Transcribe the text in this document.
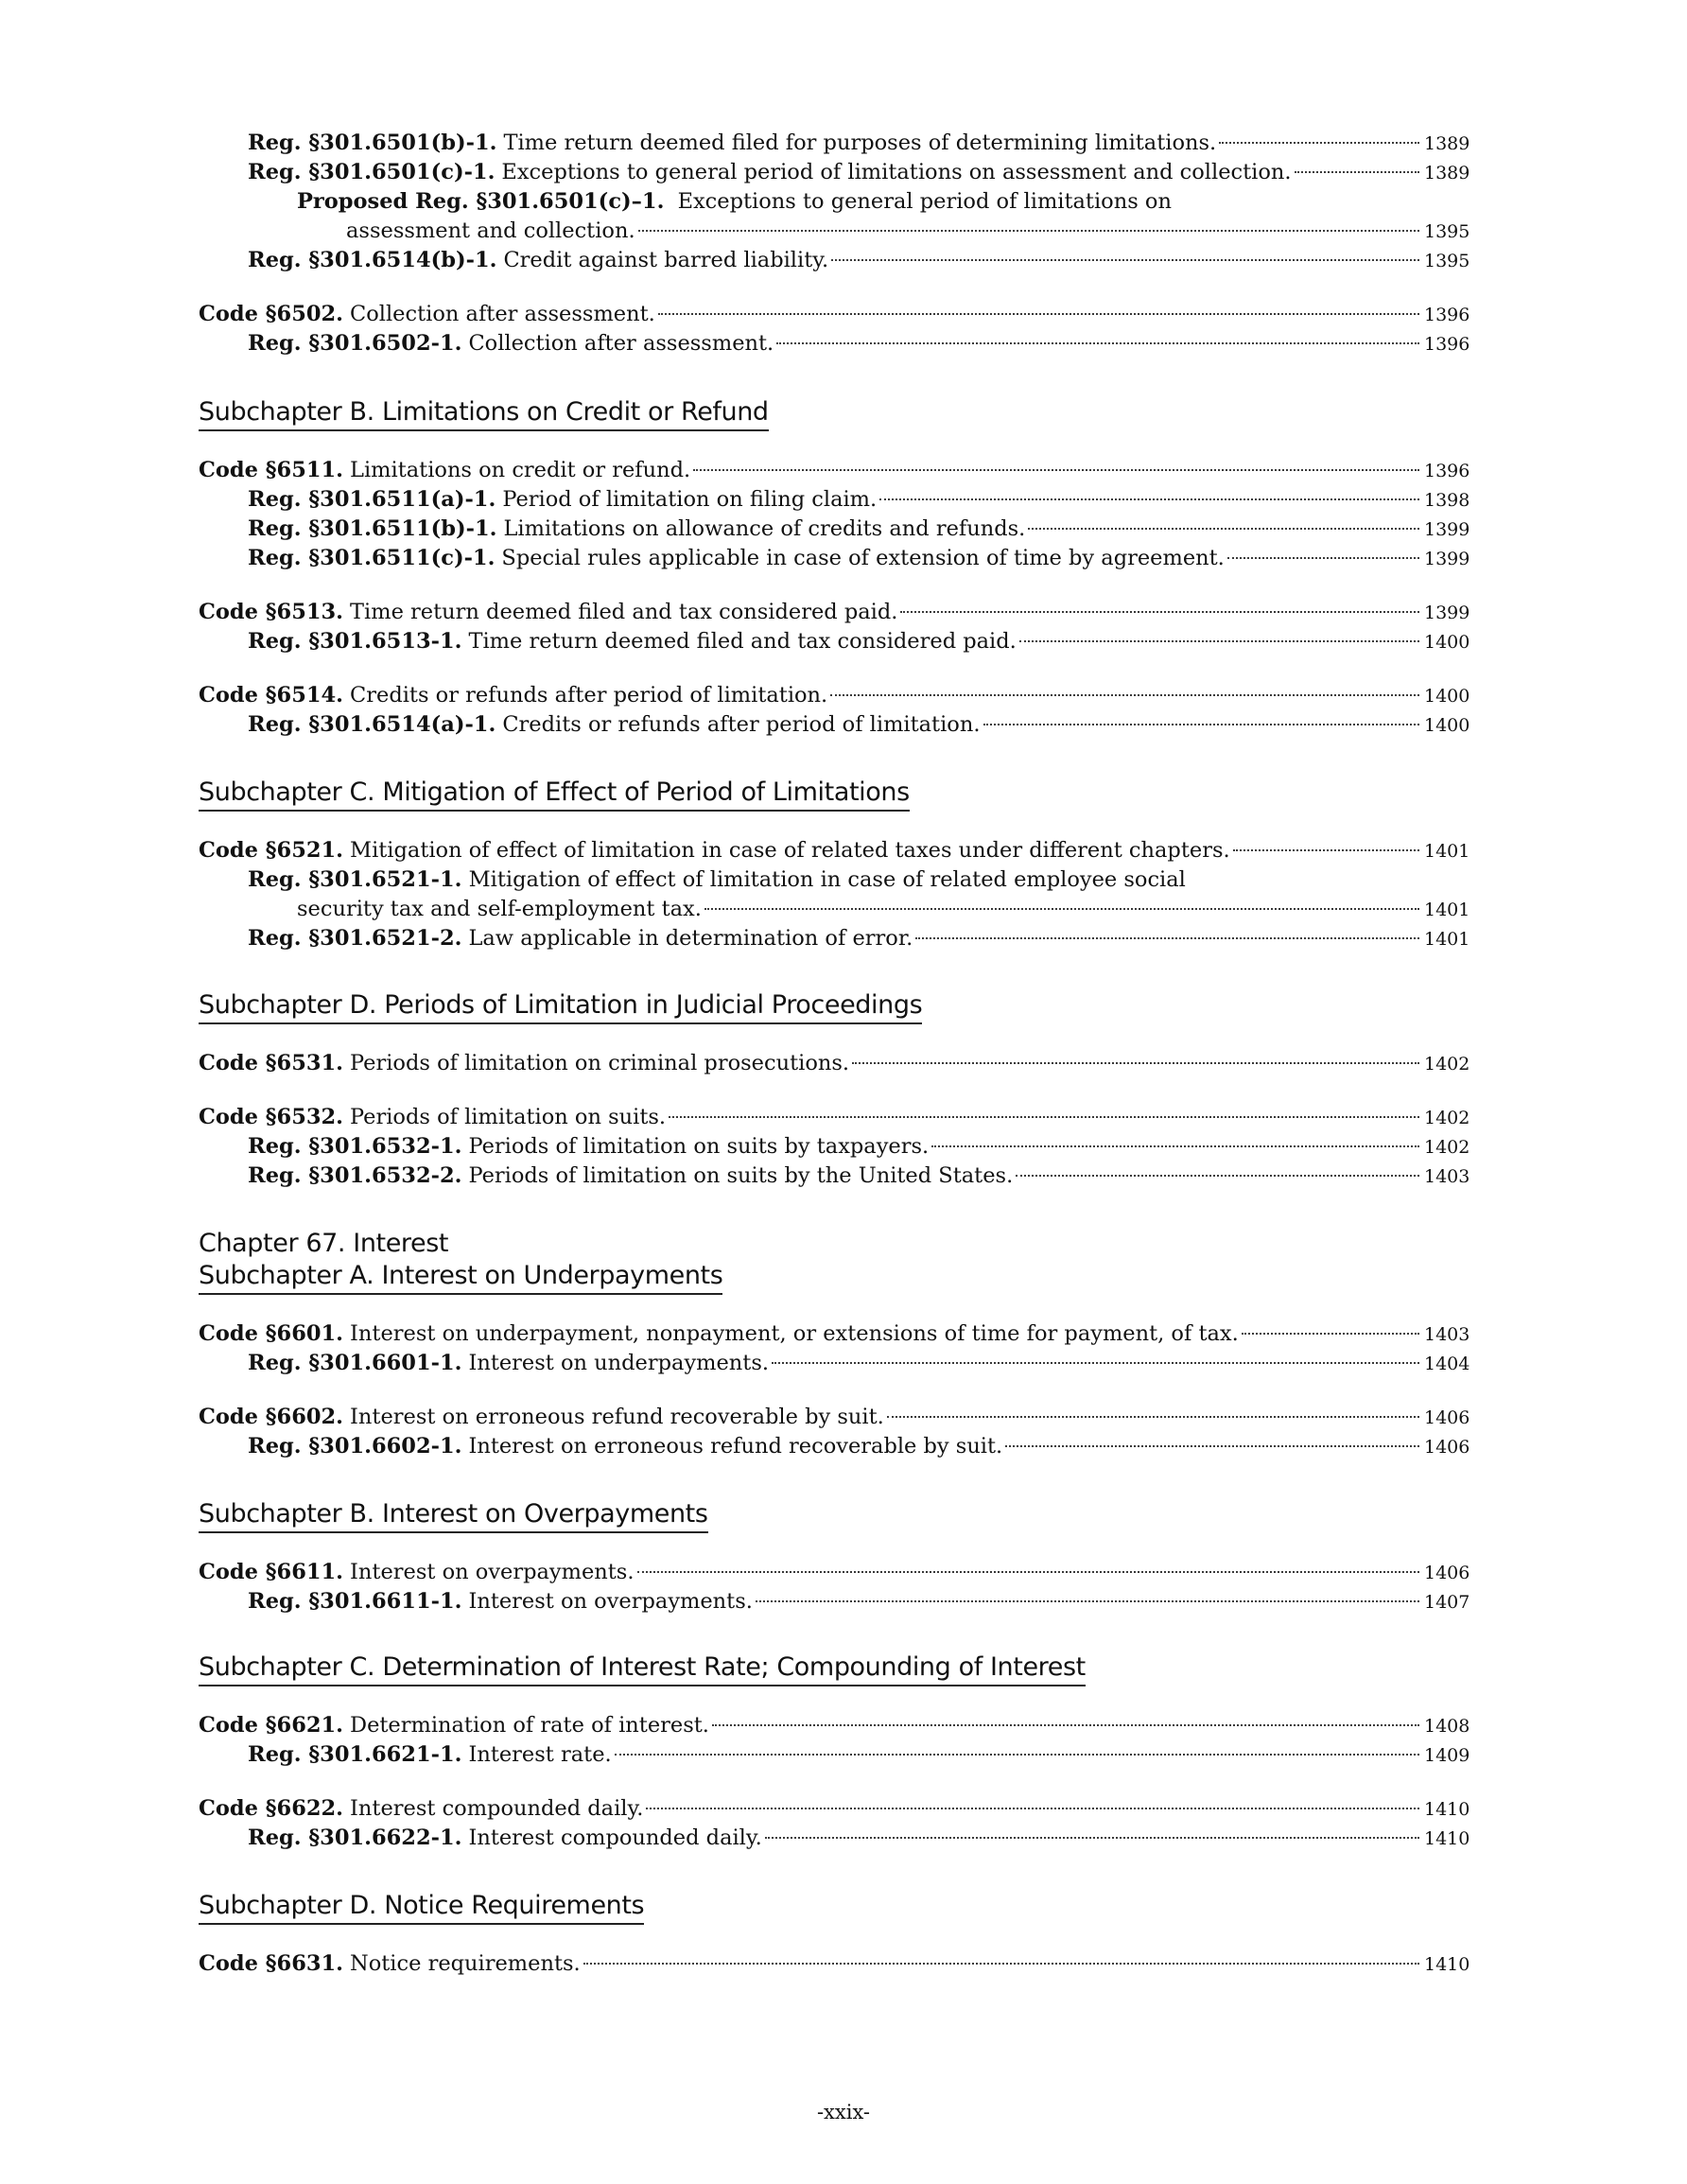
Reg. §301.6501(b)-1. Time return deemed filed for purposes of determining limitations.	1389
Reg. §301.6501(c)-1. Exceptions to general period of limitations on assessment and collection.	1389
Proposed Reg. §301.6501(c)–1. Exceptions to general period of limitations on
assessment and collection.	1395
Reg. §301.6514(b)-1. Credit against barred liability.	1395
Code §6502. Collection after assessment.	1396
Reg. §301.6502-1. Collection after assessment.	1396
Subchapter B. Limitations on Credit or Refund
Code §6511. Limitations on credit or refund.	1396
Reg. §301.6511(a)-1. Period of limitation on filing claim.	1398
Reg. §301.6511(b)-1. Limitations on allowance of credits and refunds.	1399
Reg. §301.6511(c)-1. Special rules applicable in case of extension of time by agreement.	1399
Code §6513. Time return deemed filed and tax considered paid.	1399
Reg. §301.6513-1. Time return deemed filed and tax considered paid.	1400
Code §6514. Credits or refunds after period of limitation.	1400
Reg. §301.6514(a)-1. Credits or refunds after period of limitation.	1400
Subchapter C. Mitigation of Effect of Period of Limitations
Code §6521. Mitigation of effect of limitation in case of related taxes under different chapters.	1401
Reg. §301.6521-1. Mitigation of effect of limitation in case of related employee social
security tax and self-employment tax.	1401
Reg. §301.6521-2. Law applicable in determination of error.	1401
Subchapter D. Periods of Limitation in Judicial Proceedings
Code §6531. Periods of limitation on criminal prosecutions.	1402
Code §6532. Periods of limitation on suits.	1402
Reg. §301.6532-1. Periods of limitation on suits by taxpayers.	1402
Reg. §301.6532-2. Periods of limitation on suits by the United States.	1403
Chapter 67. Interest
Subchapter A. Interest on Underpayments
Code §6601. Interest on underpayment, nonpayment, or extensions of time for payment, of tax.	1403
Reg. §301.6601-1. Interest on underpayments.	1404
Code §6602. Interest on erroneous refund recoverable by suit.	1406
Reg. §301.6602-1. Interest on erroneous refund recoverable by suit.	1406
Subchapter B. Interest on Overpayments
Code §6611. Interest on overpayments.	1406
Reg. §301.6611-1. Interest on overpayments.	1407
Subchapter C. Determination of Interest Rate; Compounding of Interest
Code §6621. Determination of rate of interest.	1408
Reg. §301.6621-1. Interest rate.	1409
Code §6622. Interest compounded daily.	1410
Reg. §301.6622-1. Interest compounded daily.	1410
Subchapter D. Notice Requirements
Code §6631. Notice requirements.	1410
-xxix-
